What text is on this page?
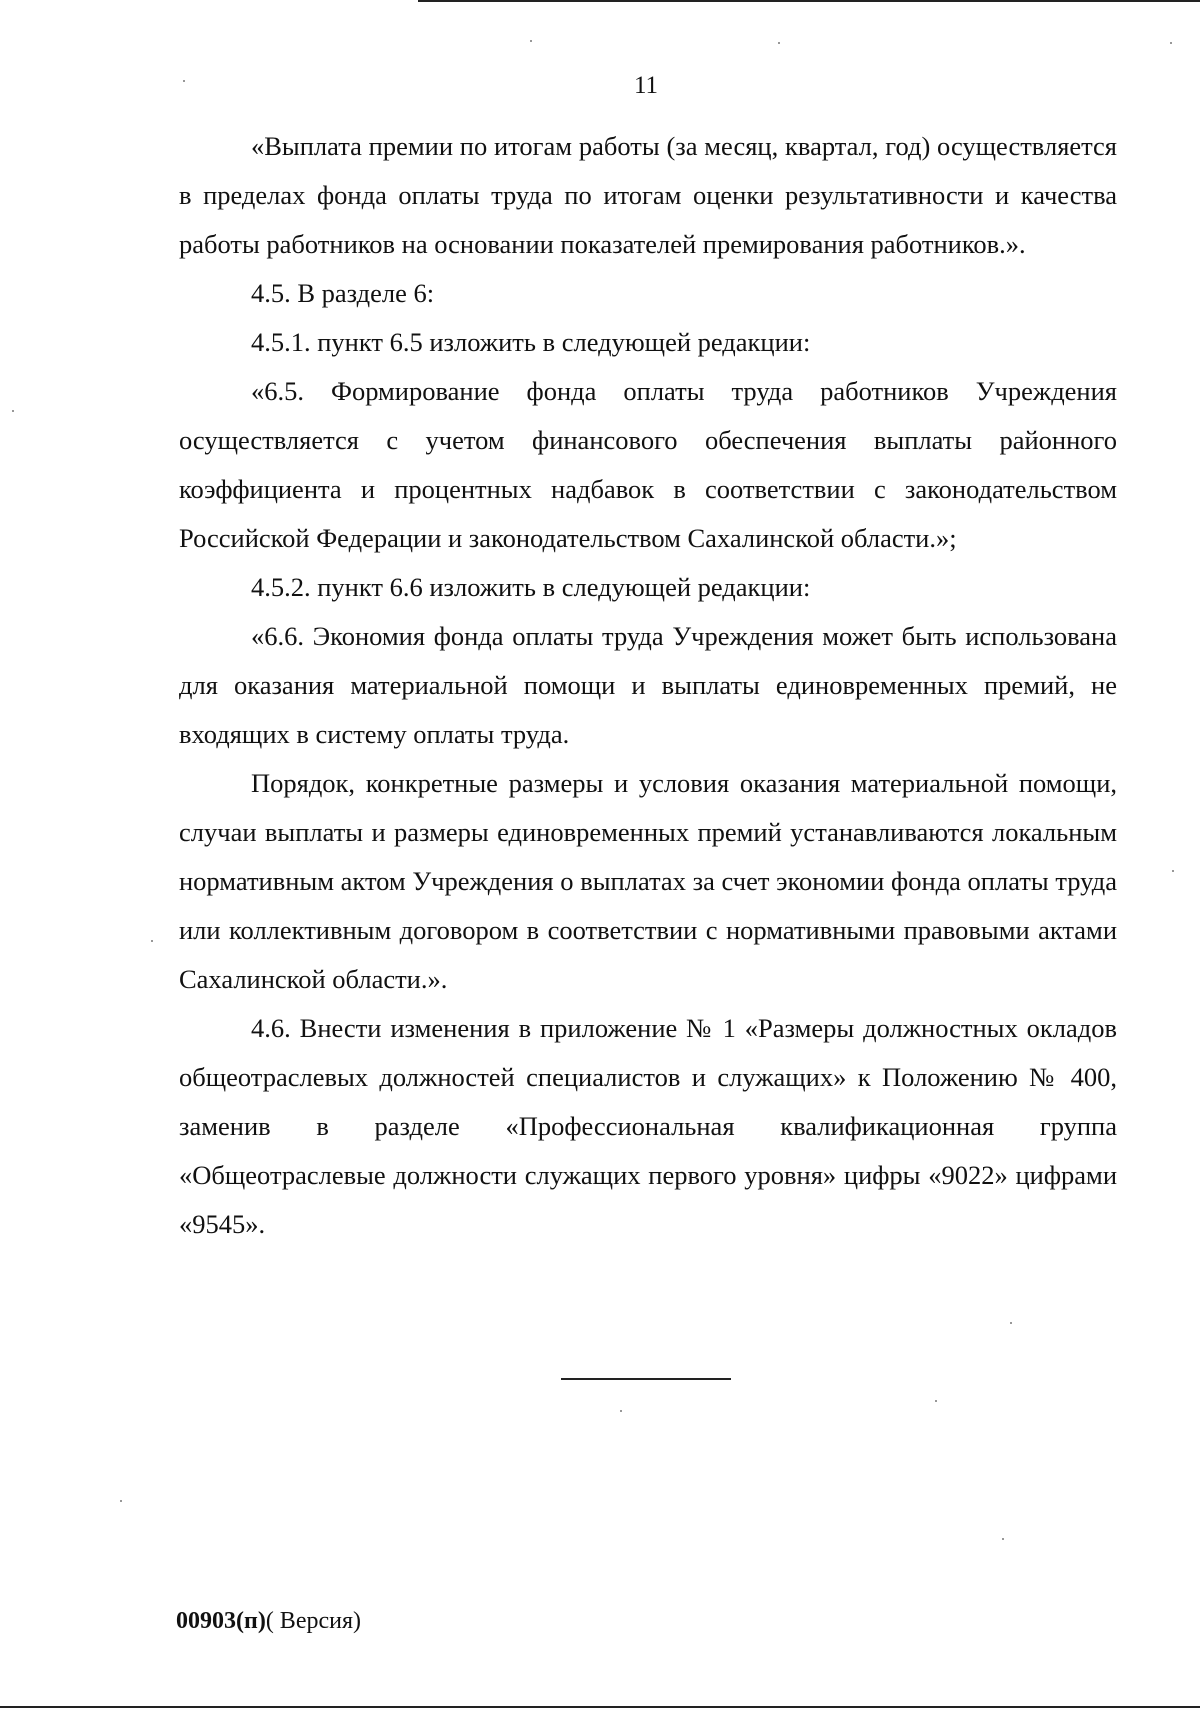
11

«Выплата премии по итогам работы (за месяц, квартал, год) осуществляется в пределах фонда оплаты труда по итогам оценки результативности и качества работы работников на основании показателей премирования работников.».

4.5. В разделе 6:

4.5.1. пункт 6.5 изложить в следующей редакции:

«6.5. Формирование фонда оплаты труда работников Учреждения осуществляется с учетом финансового обеспечения выплаты районного коэффициента и процентных надбавок в соответствии с законодательством Российской Федерации и законодательством Сахалинской области.»;

4.5.2. пункт 6.6 изложить в следующей редакции:

«6.6. Экономия фонда оплаты труда Учреждения может быть использована для оказания материальной помощи и выплаты единовременных премий, не входящих в систему оплаты труда.

Порядок, конкретные размеры и условия оказания материальной помощи, случаи выплаты и размеры единовременных премий устанавливаются локальным нормативным актом Учреждения о выплатах за счет экономии фонда оплаты труда или коллективным договором в соответствии с нормативными правовыми актами Сахалинской области.».

4.6. Внести изменения в приложение № 1 «Размеры должностных окладов общеотраслевых должностей специалистов и служащих» к Положению № 400, заменив в разделе «Профессиональная квалификационная группа «Общеотраслевые должности служащих первого уровня» цифры «9022» цифрами «9545».

00903(п)( Версия)
